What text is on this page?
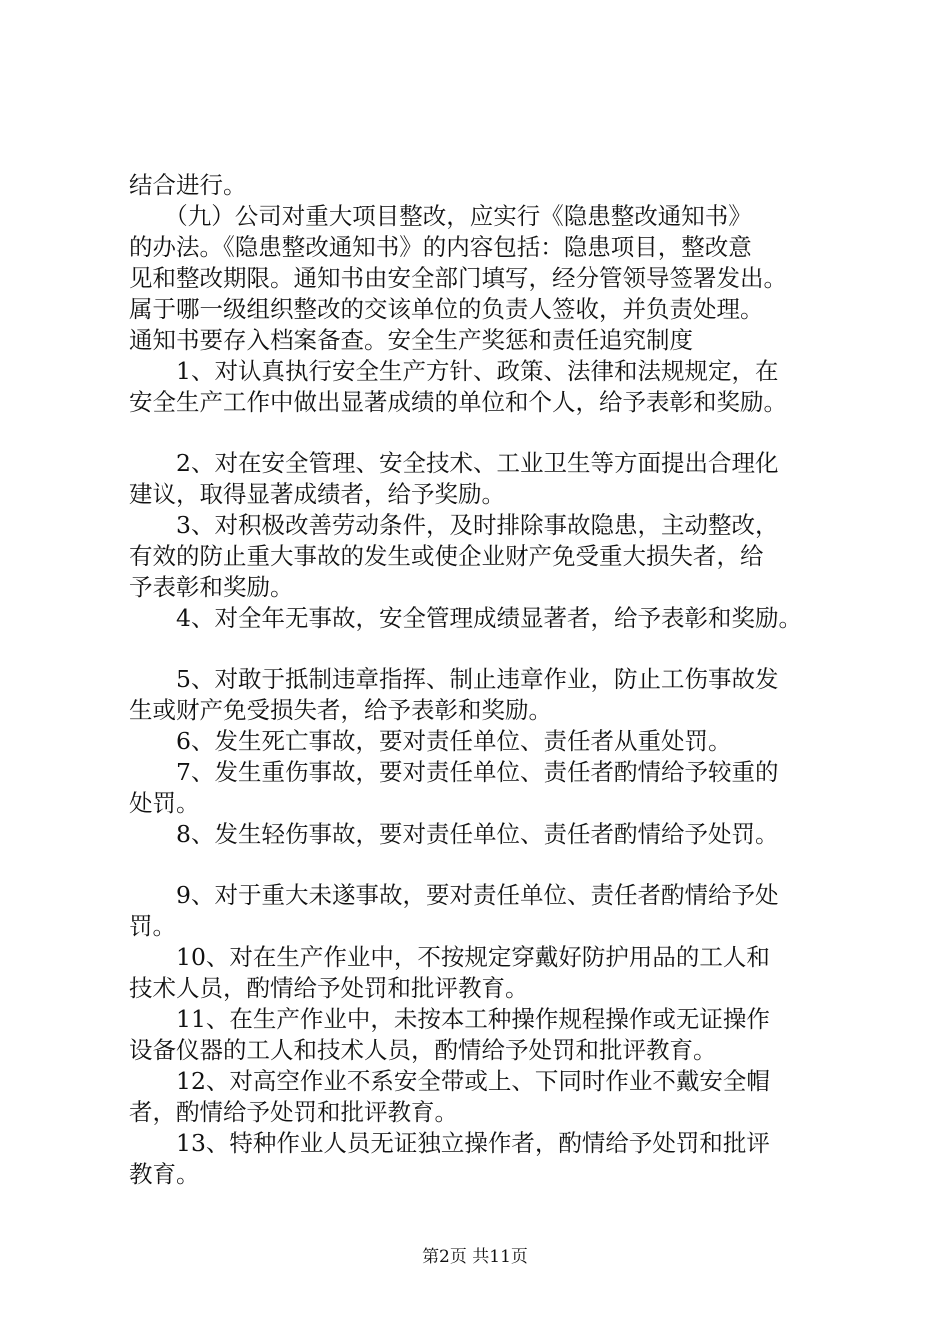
结合进行。

　　（九）公司对重大项目整改，应实行《隐患整改通知书》

的办法。《隐患整改通知书》的内容包括：隐患项目，整改意

见和整改期限。通知书由安全部门填写，经分管领导签署发出。

属于哪一级组织整改的交该单位的负责人签收，并负责处理。

通知书要存入档案备查。安全生产奖惩和责任追究制度

　　1、对认真执行安全生产方针、政策、法律和法规规定，在

安全生产工作中做出显著成绩的单位和个人，给予表彰和奖励。

　　2、对在安全管理、安全技术、工业卫生等方面提出合理化

建议，取得显著成绩者，给予奖励。

　　3、对积极改善劳动条件，及时排除事故隐患，主动整改，

有效的防止重大事故的发生或使企业财产免受重大损失者，给

予表彰和奖励。

　　4、对全年无事故，安全管理成绩显著者，给予表彰和奖励。

　　5、对敢于抵制违章指挥、制止违章作业，防止工伤事故发

生或财产免受损失者，给予表彰和奖励。

　　6、发生死亡事故，要对责任单位、责任者从重处罚。

　　7、发生重伤事故，要对责任单位、责任者酌情给予较重的

处罚。

　　8、发生轻伤事故，要对责任单位、责任者酌情给予处罚。

　　9、对于重大未遂事故，要对责任单位、责任者酌情给予处

罚。

　　10、对在生产作业中，不按规定穿戴好防护用品的工人和

技术人员，酌情给予处罚和批评教育。

　　11、在生产作业中，未按本工种操作规程操作或无证操作

设备仪器的工人和技术人员，酌情给予处罚和批评教育。

　　12、对高空作业不系安全带或上、下同时作业不戴安全帽

者，酌情给予处罚和批评教育。

　　13、特种作业人员无证独立操作者，酌情给予处罚和批评

教育。

第2页 共11页
